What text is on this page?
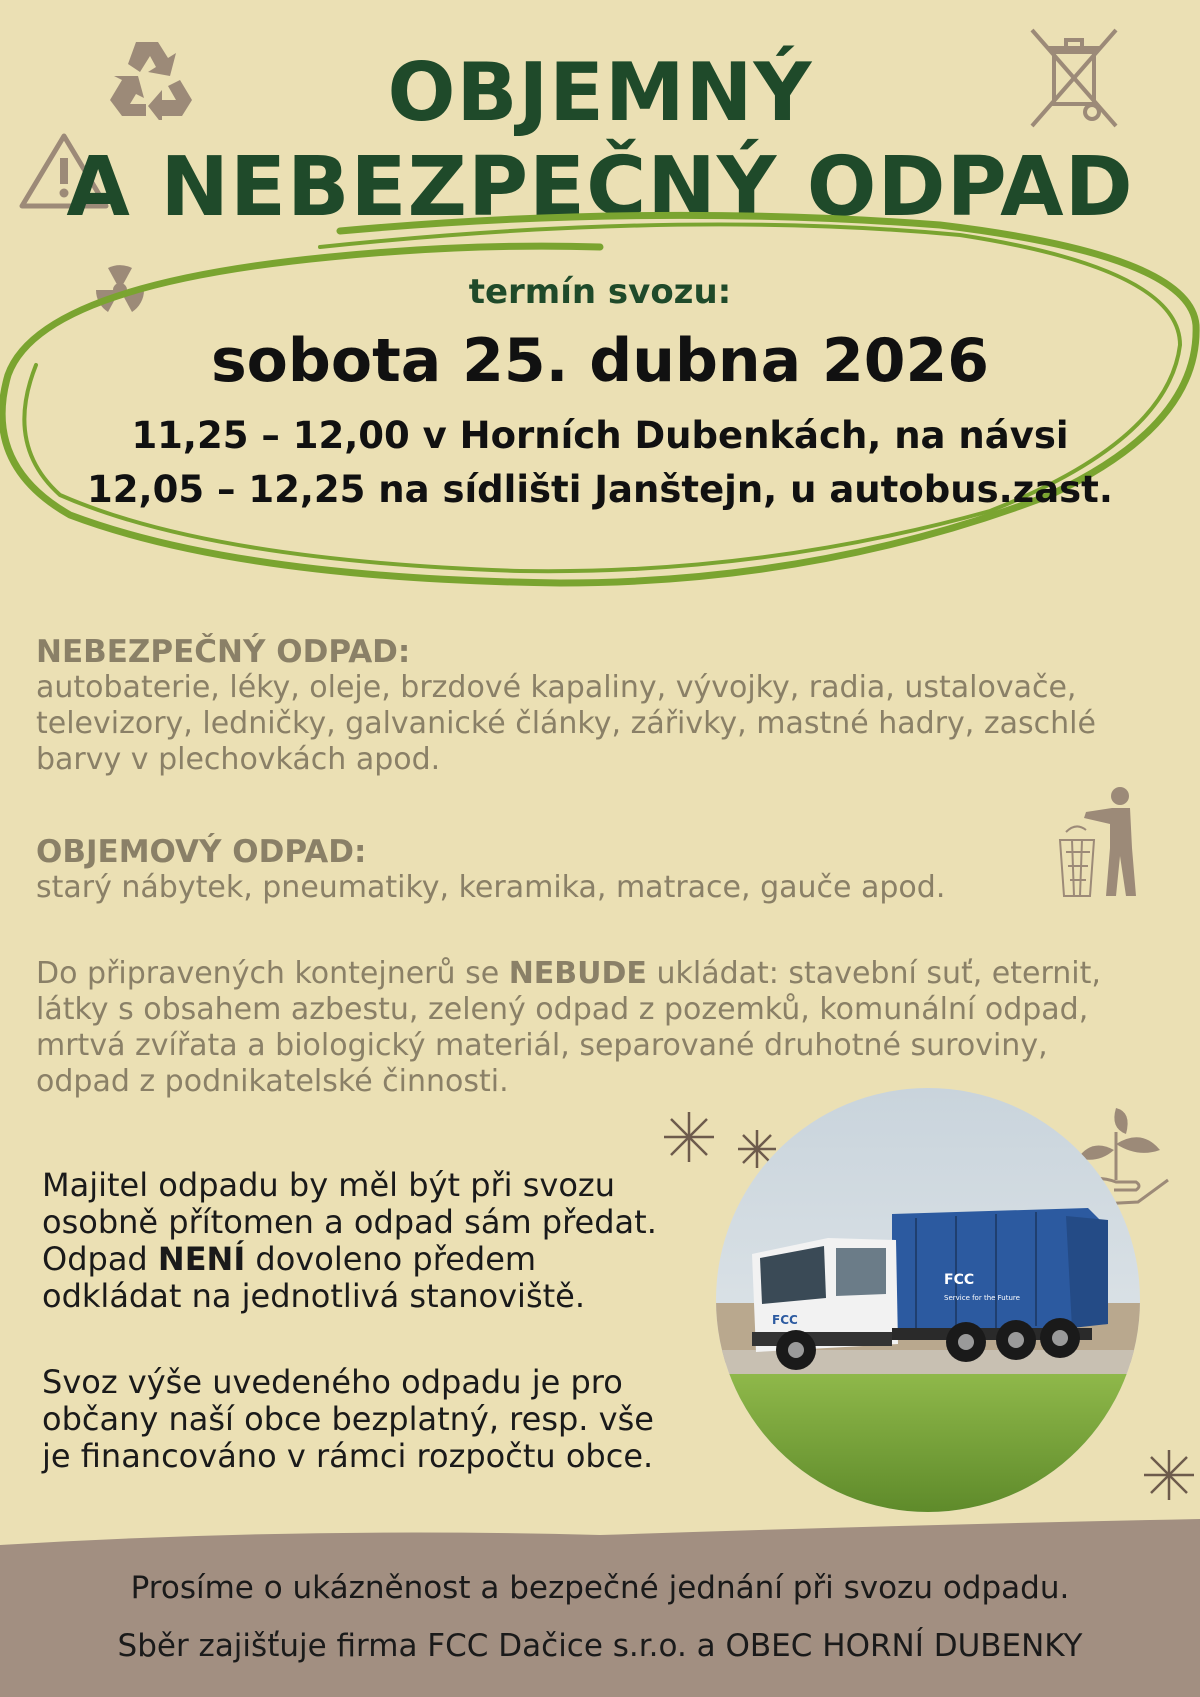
OBJEMNÝ
A NEBEZPEČNÝ ODPAD
termín svozu:
sobota 25. dubna 2026
11,25 – 12,00 v Horních Dubenkách, na návsi
12,05 – 12,25 na sídlišti Janštejn, u autobus.zast.
NEBEZPEČNÝ ODPAD:
autobaterie, léky, oleje, brzdové kapaliny, vývojky, radia, ustalovače,
televizory, ledničky, galvanické články, zářivky, mastné hadry, zaschlé
barvy v plechovkách apod.
OBJEMOVÝ ODPAD:
starý nábytek, pneumatiky, keramika, matrace, gauče apod.
Do připravených kontejnerů se NEBUDE ukládat: stavební suť, eternit,
látky s obsahem azbestu, zelený odpad z pozemků, komunální odpad,
mrtvá zvířata a biologický materiál, separované druhotné suroviny,
odpad z podnikatelské činnosti.
Majitel odpadu by měl být při svozu
osobně přítomen a odpad sám předat.
Odpad NENÍ dovoleno předem
odkládat na jednotlivá stanoviště.
Svoz výše uvedeného odpadu je pro
občany naší obce bezplatný, resp. vše
je financováno v rámci rozpočtu obce.
FCC
Service for the Future
FCC
Prosíme o ukázněnost a bezpečné jednání při svozu odpadu.
Sběr zajišťuje firma FCC Dačice s.r.o. a OBEC HORNÍ DUBENKY
